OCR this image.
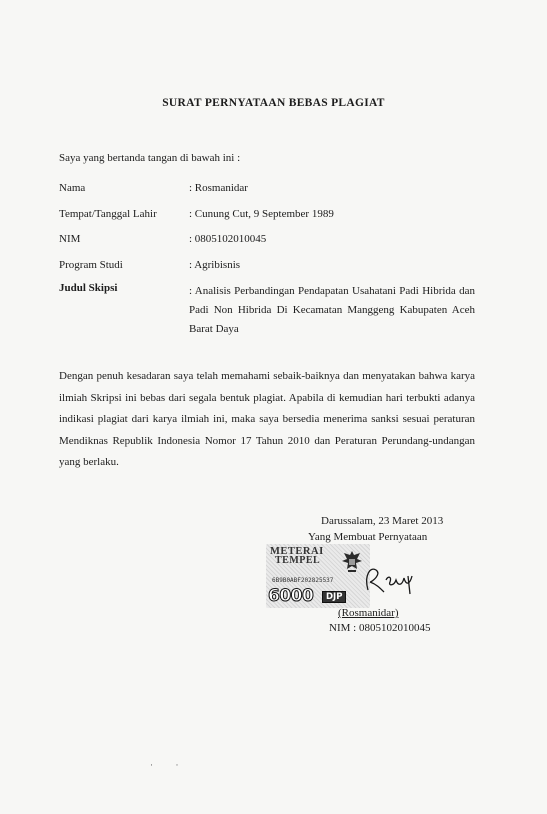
SURAT PERNYATAAN BEBAS PLAGIAT
Saya yang bertanda tangan di bawah ini :
Nama	: Rosmanidar
Tempat/Tanggal Lahir	: Cunung Cut, 9 September 1989
NIM	: 0805102010045
Program Studi	: Agribisnis
Judul Skipsi	: Analisis Perbandingan Pendapatan Usahatani Padi Hibrida dan Padi Non Hibrida Di Kecamatan Manggeng Kabupaten Aceh Barat Daya
Dengan penuh kesadaran saya telah memahami sebaik-baiknya dan menyatakan bahwa karya ilmiah Skripsi ini bebas dari segala bentuk plagiat. Apabila di kemudian hari terbukti adanya indikasi plagiat dari karya ilmiah ini, maka saya bersedia menerima sanksi sesuai peraturan Mendiknas Republik Indonesia Nomor 17 Tahun 2010 dan Peraturan Perundang-undangan yang berlaku.
Darussalam, 23 Maret 2013
Yang Membuat Pernyataan
METERAI
TEMPEL
6B9B0ABF202825537
6000	DJP
(Rosmanidar)
NIM : 0805102010045
·          ·
